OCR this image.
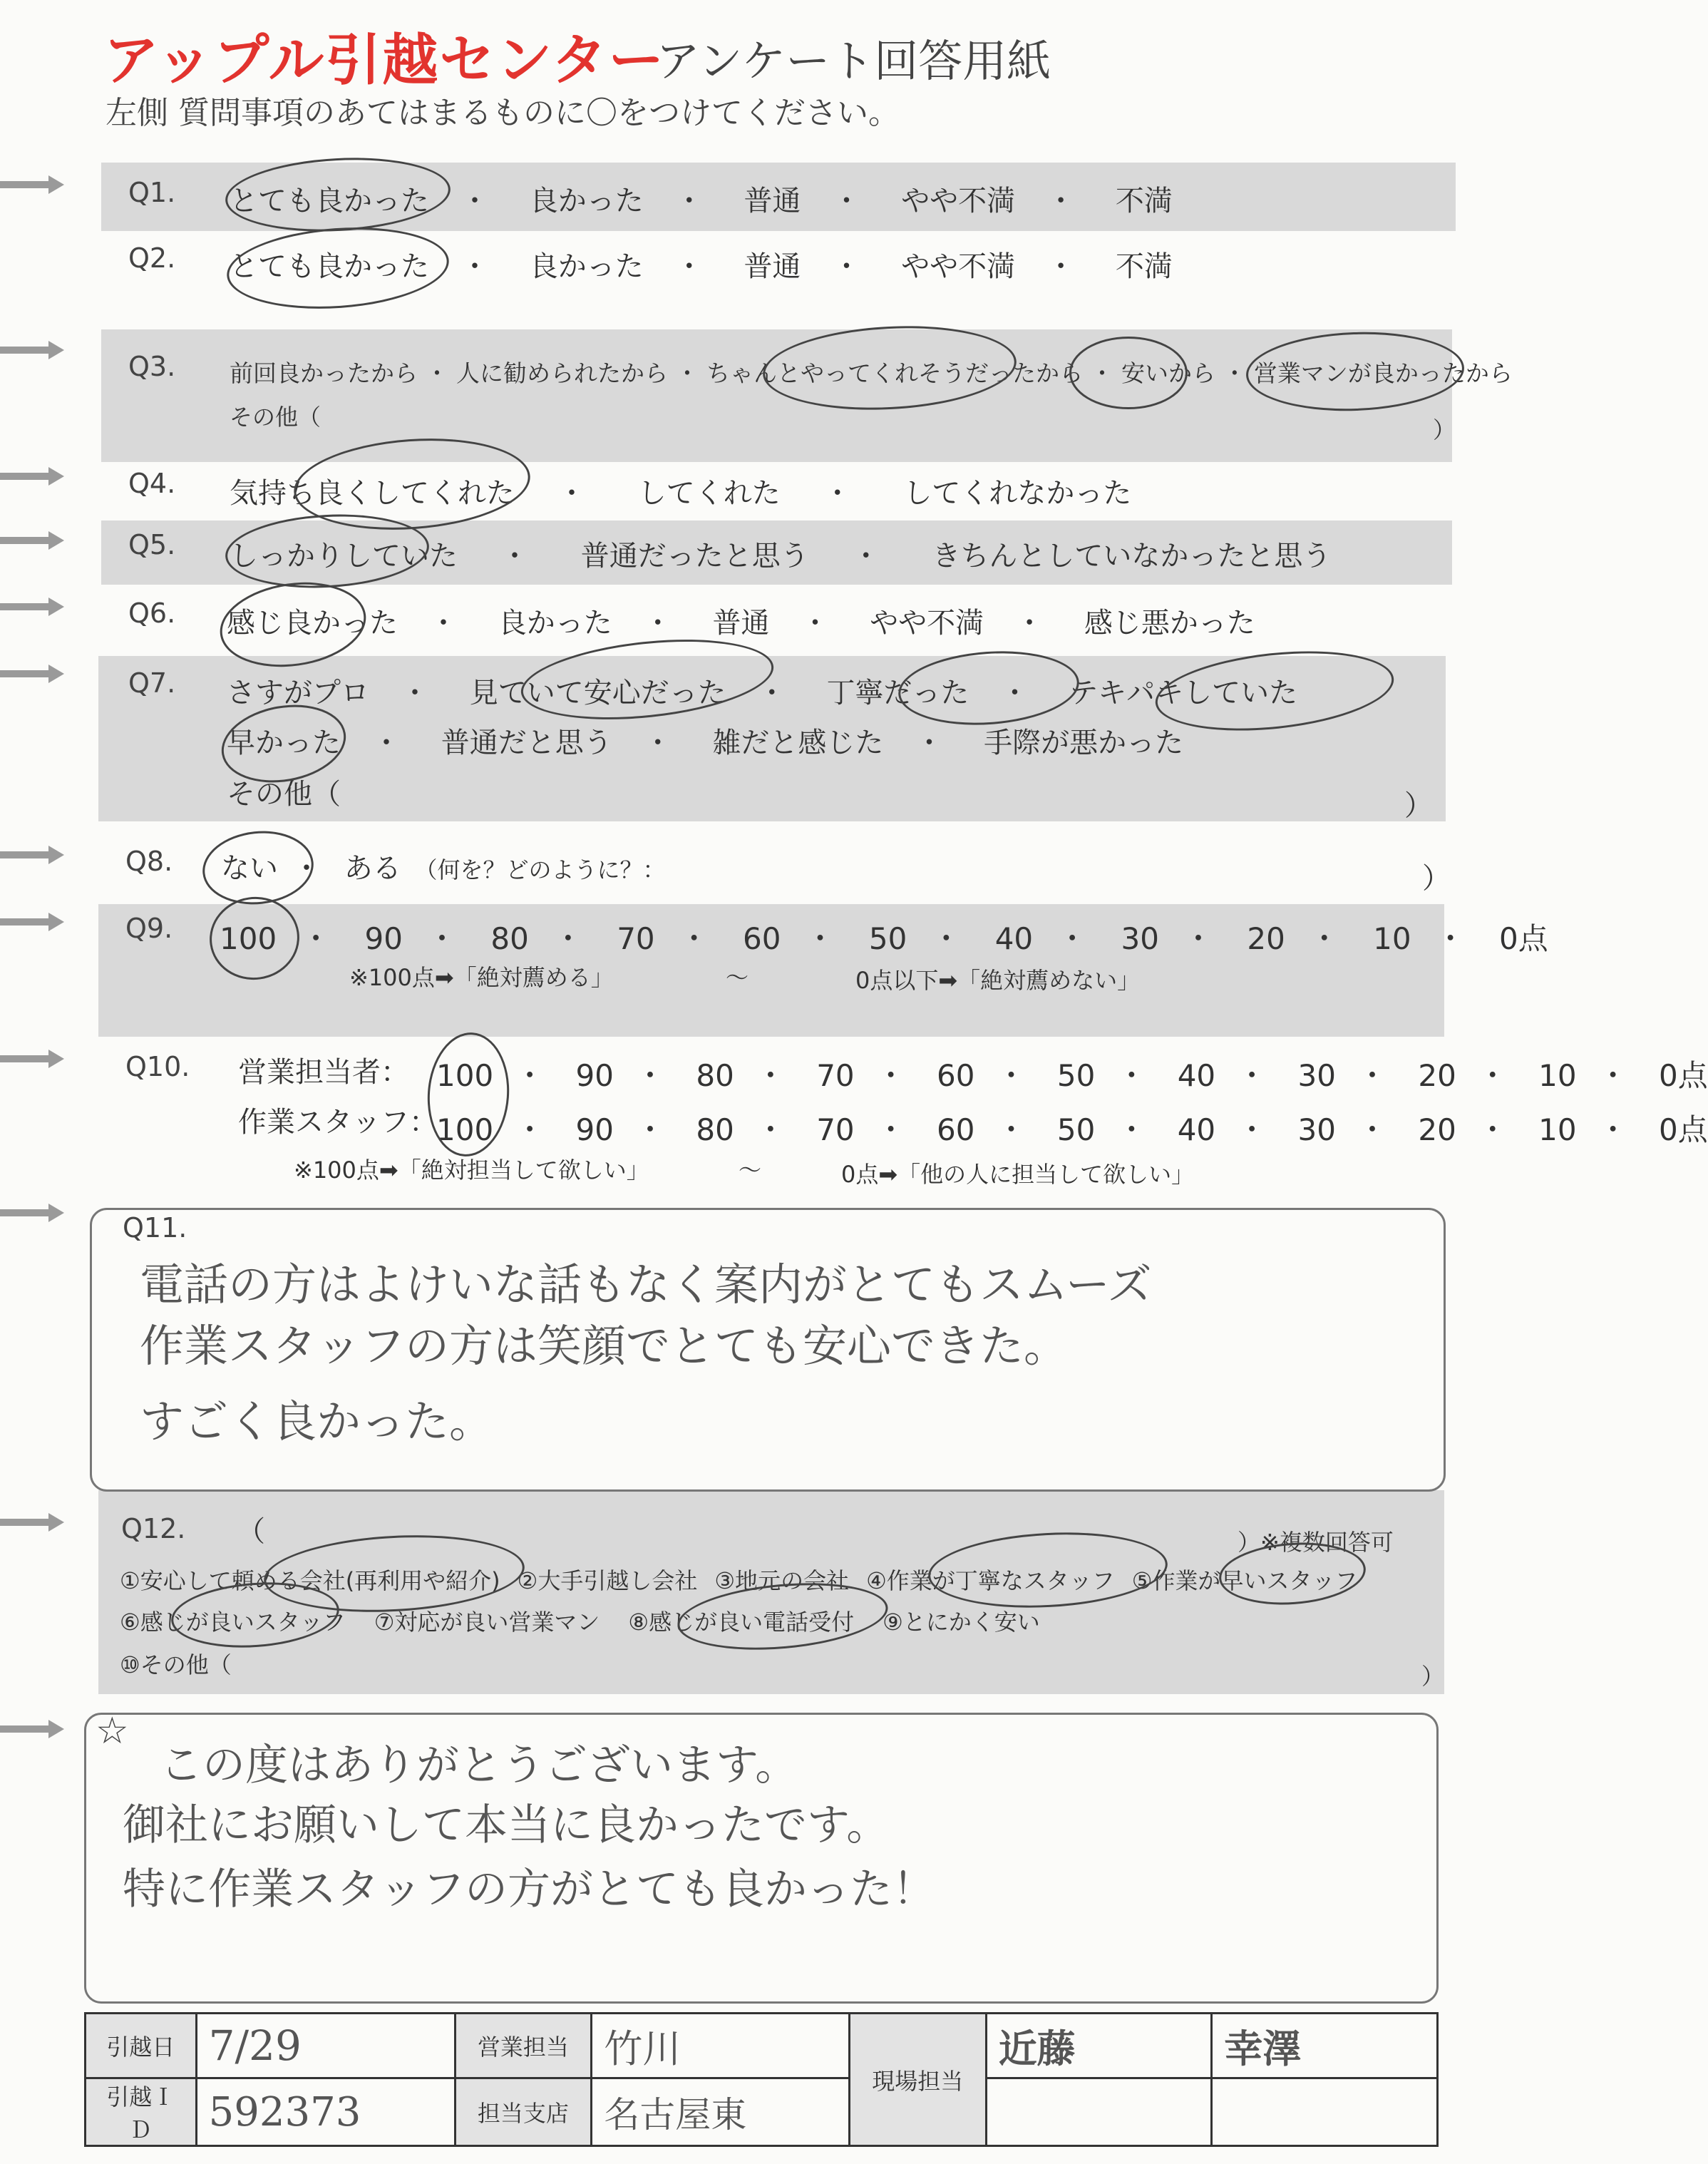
アップル引越センター
アンケート回答用紙
左側 質問事項のあてはまるものに〇をつけてください。
Q1. とても良かった ・ 良かった ・ 普通 ・ やや不満 ・ 不満
Q2. とても良かった ・ 良かった ・ 普通 ・ やや不満 ・ 不満
Q3. 前回良かったから ・ 人に勧められたから ・ ちゃんとやってくれそうだったから ・ 安いから ・ 営業マンが良かったから
その他（	）
Q4. 気持ち良くしてくれた ・ してくれた ・ してくれなかった
Q5. しっかりしていた ・ 普通だったと思う ・ きちんとしていなかったと思う
Q6. 感じ良かった ・ 良かった ・ 普通 ・ やや不満 ・ 感じ悪かった
Q7. さすがプロ ・ 見ていて安心だった ・ 丁寧だった ・ テキパキしていた
早かった ・ 普通だと思う ・ 雑だと感じた ・ 手際が悪かった
その他（	）
Q8. ない ・ ある （何を？どのように？：	）
Q9. 100 ・ 90 ・ 80 ・ 70 ・ 60 ・ 50 ・ 40 ・ 30 ・ 20 ・ 10 ・ 0点
※100点➡「絶対薦める」	〜	0点以下➡「絶対薦めない」
Q10. 営業担当者： 100 ・ 90 ・ 80 ・ 70 ・ 60 ・ 50 ・ 40 ・ 30 ・ 20 ・ 10 ・ 0点
作業スタッフ：
100 ・ 90 ・ 80 ・ 70 ・ 60 ・ 50 ・ 40 ・ 30 ・ 20 ・ 10 ・ 0点
※100点➡「絶対担当して欲しい」	〜	0点➡「他の人に担当して欲しい」
Q11.
電話の方はよけいな話もなく案内がとてもスムーズ
作業スタッフの方は笑顔でとても安心できた。
すごく良かった。
Q12. （	）※複数回答可
①安心して頼める会社(再利用や紹介) ②大手引越し会社 ③地元の会社 ④作業が丁寧なスタッフ ⑤作業が早いスタッフ
⑥感じが良いスタッフ ⑦対応が良い営業マン ⑧感じが良い電話受付 ⑨とにかく安い
⑩その他（	）
☆
この度はありがとうございます。
御社にお願いして本当に良かったです。
特に作業スタッフの方がとても良かった！
引越日	7/29	営業担当	竹川	現場担当	近藤	幸澤
引越ＩＤ	592373	担当支店	名古屋東			
